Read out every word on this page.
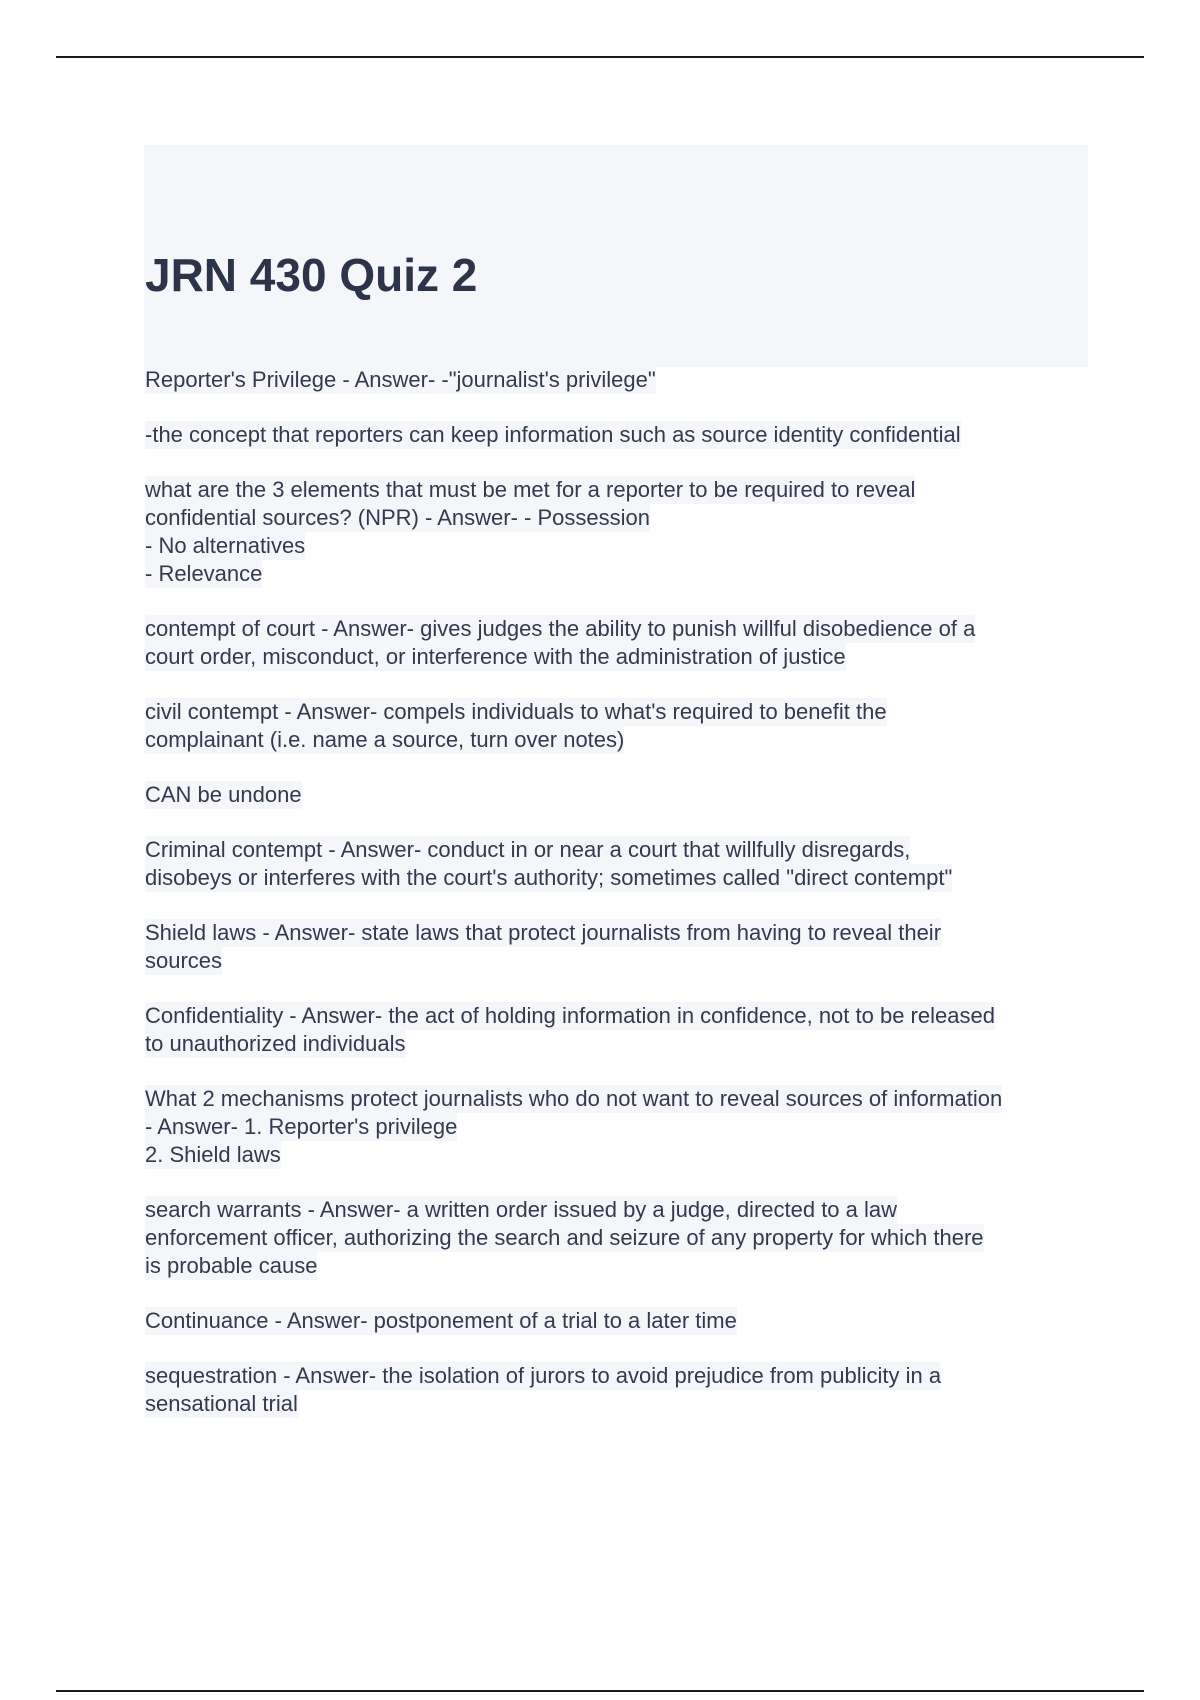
JRN 430 Quiz 2

Reporter's Privilege - Answer- -"journalist's privilege"

-the concept that reporters can keep information such as source identity confidential

what are the 3 elements that must be met for a reporter to be required to reveal
confidential sources? (NPR) - Answer- - Possession
- No alternatives
- Relevance

contempt of court - Answer- gives judges the ability to punish willful disobedience of a
court order, misconduct, or interference with the administration of justice

civil contempt - Answer- compels individuals to what's required to benefit the
complainant (i.e. name a source, turn over notes)

CAN be undone

Criminal contempt - Answer- conduct in or near a court that willfully disregards,
disobeys or interferes with the court's authority; sometimes called "direct contempt"

Shield laws - Answer- state laws that protect journalists from having to reveal their
sources

Confidentiality - Answer- the act of holding information in confidence, not to be released
to unauthorized individuals

What 2 mechanisms protect journalists who do not want to reveal sources of information
- Answer- 1. Reporter's privilege
2. Shield laws

search warrants - Answer- a written order issued by a judge, directed to a law
enforcement officer, authorizing the search and seizure of any property for which there
is probable cause

Continuance - Answer- postponement of a trial to a later time

sequestration - Answer- the isolation of jurors to avoid prejudice from publicity in a
sensational trial
